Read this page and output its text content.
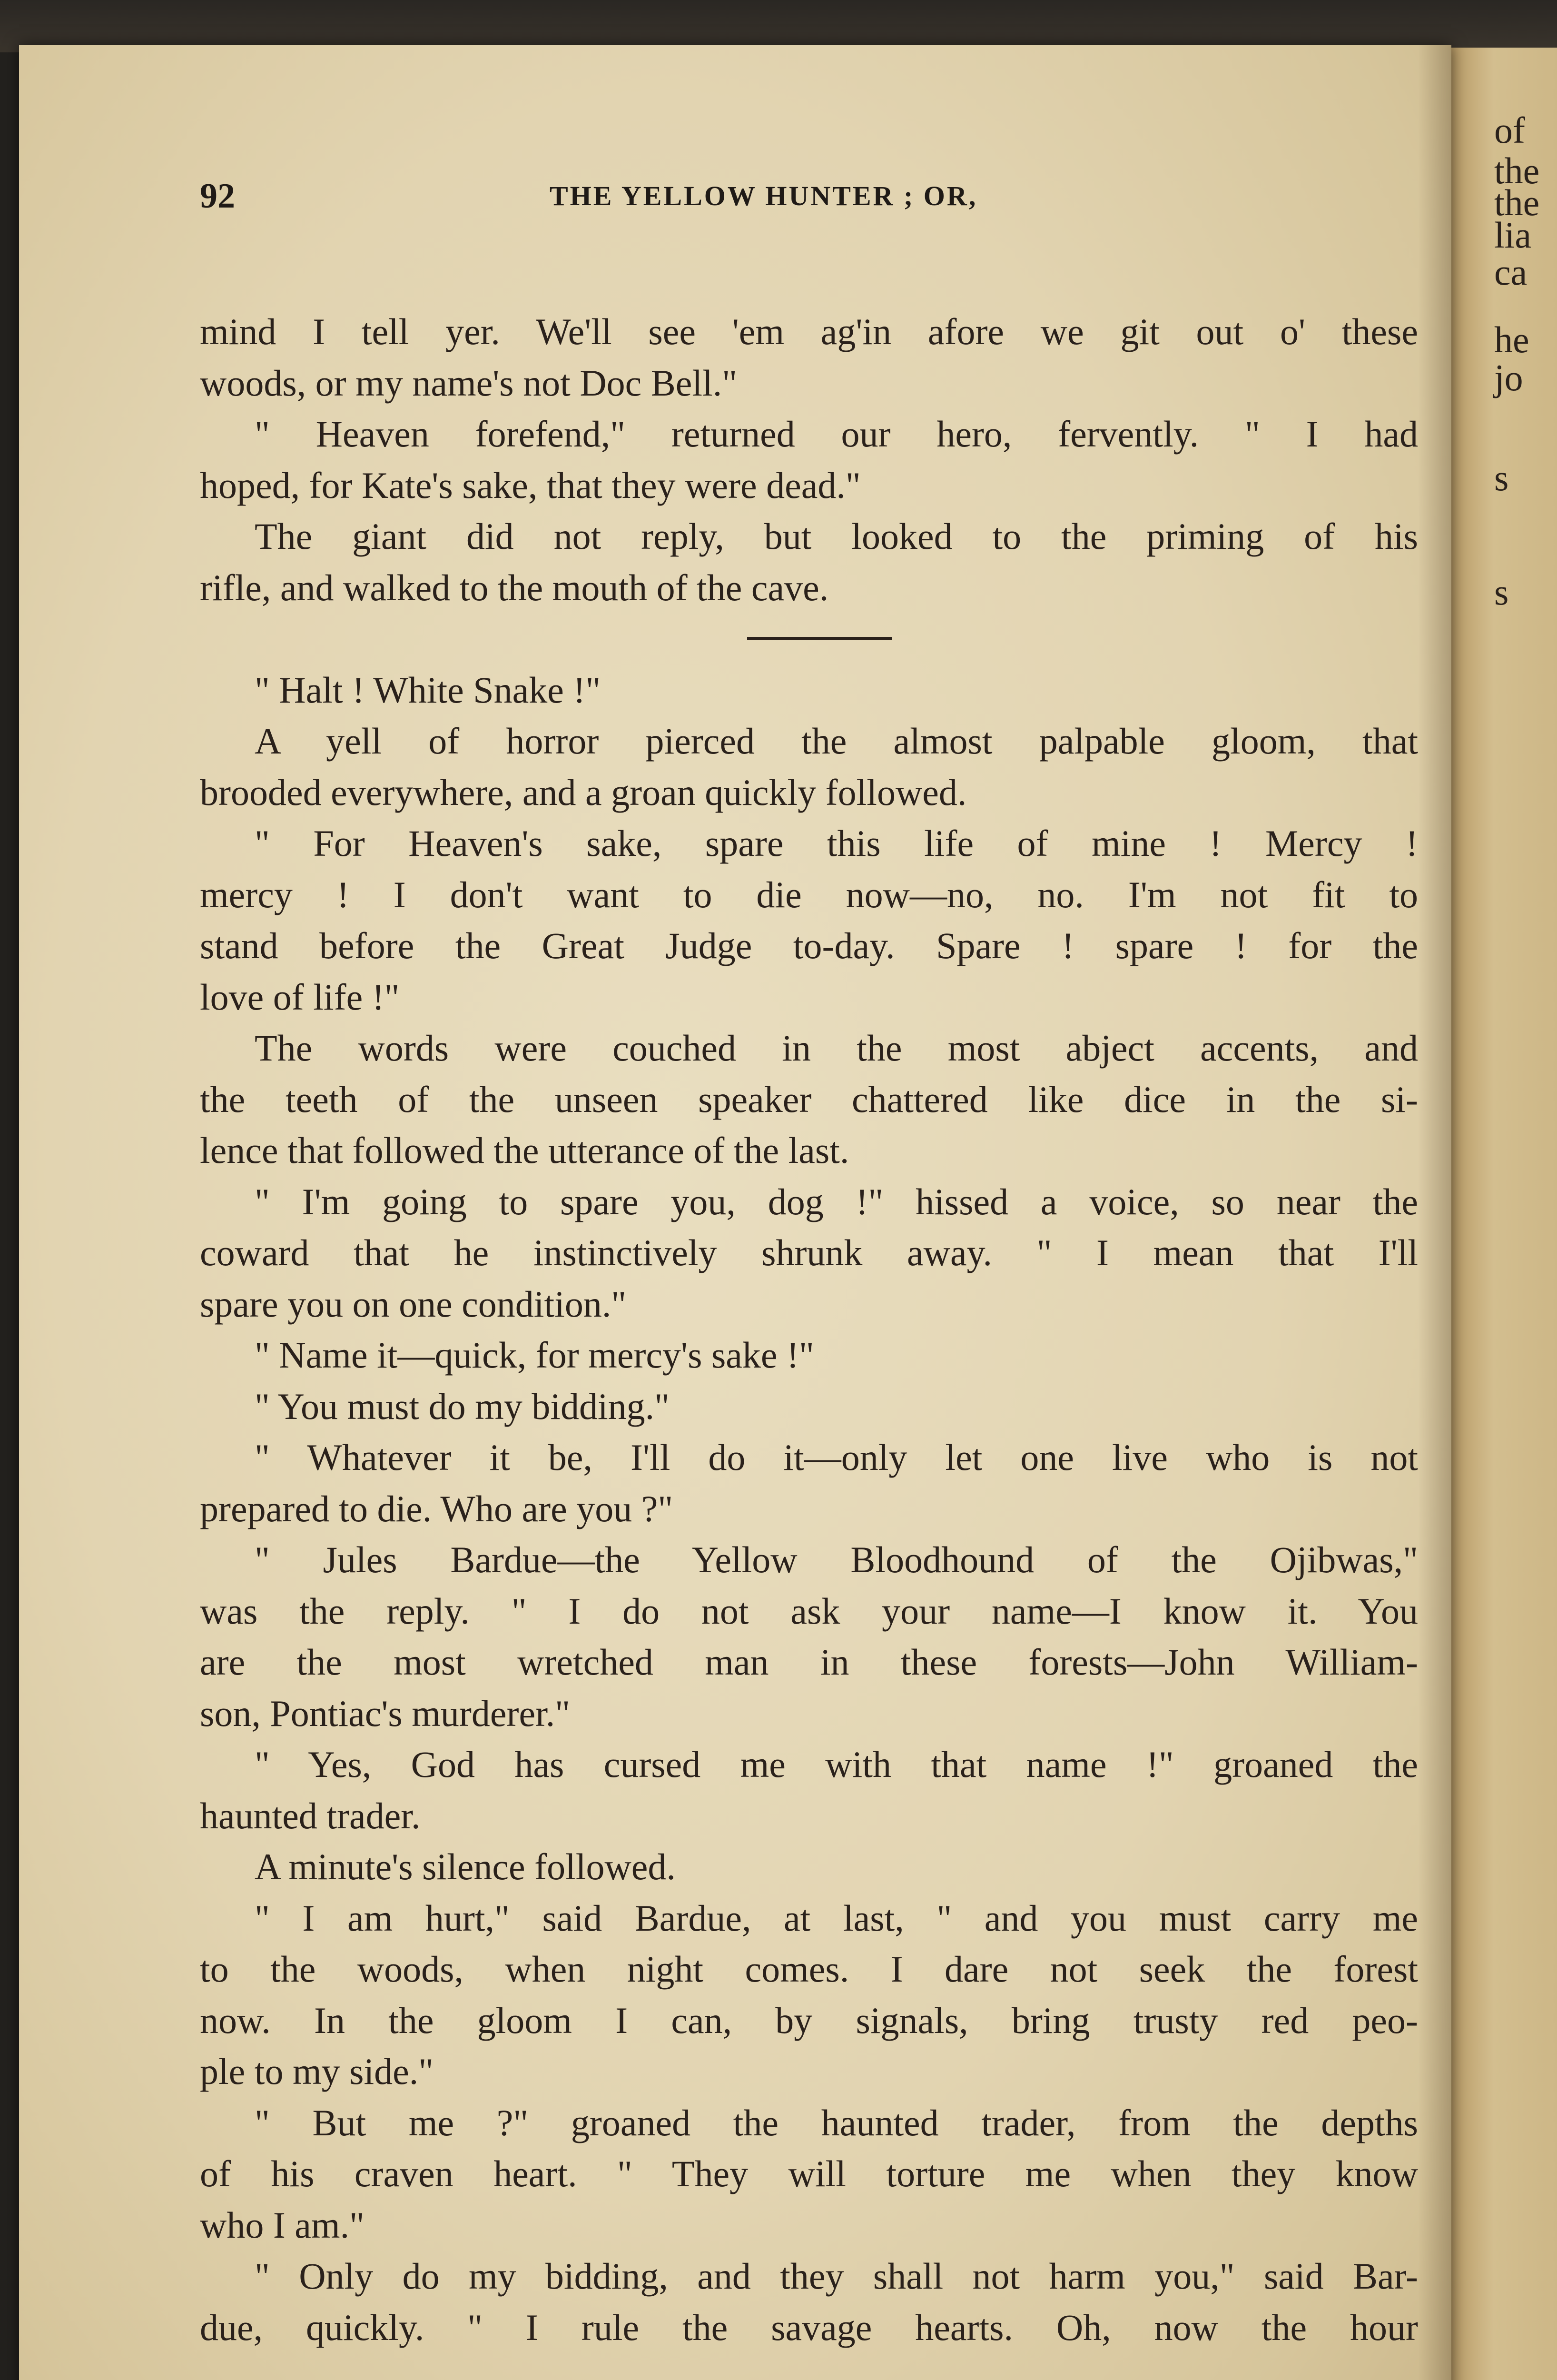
of
the
the
lia
ca
he
jo
s
s
92	THE YELLOW HUNTER ; OR,
mind I tell yer. We'll see 'em ag'in afore we git out o' these
woods, or my name's not Doc Bell."
" Heaven forefend," returned our hero, fervently. " I had
hoped, for Kate's sake, that they were dead."
The giant did not reply, but looked to the priming of his
rifle, and walked to the mouth of the cave.
" Halt ! White Snake !"
A yell of horror pierced the almost palpable gloom, that
brooded everywhere, and a groan quickly followed.
" For Heaven's sake, spare this life of mine ! Mercy !
mercy ! I don't want to die now—no, no. I'm not fit to
stand before the Great Judge to-day. Spare ! spare ! for the
love of life !"
The words were couched in the most abject accents, and
the teeth of the unseen speaker chattered like dice in the si-
lence that followed the utterance of the last.
" I'm going to spare you, dog !" hissed a voice, so near the
coward that he instinctively shrunk away. " I mean that I'll
spare you on one condition."
" Name it—quick, for mercy's sake !"
" You must do my bidding."
" Whatever it be, I'll do it—only let one live who is not
prepared to die. Who are you ?"
" Jules Bardue—the Yellow Bloodhound of the Ojibwas,"
was the reply. " I do not ask your name—I know it. You
are the most wretched man in these forests—John William-
son, Pontiac's murderer."
" Yes, God has cursed me with that name !" groaned the
haunted trader.
A minute's silence followed.
" I am hurt," said Bardue, at last, " and you must carry me
to the woods, when night comes. I dare not seek the forest
now. In the gloom I can, by signals, bring trusty red peo-
ple to my side."
" But me ?" groaned the haunted trader, from the depths
of his craven heart. " They will torture me when they know
who I am."
" Only do my bidding, and they shall not harm you," said Bar-
due, quickly. " I rule the savage hearts. Oh, now the hour
